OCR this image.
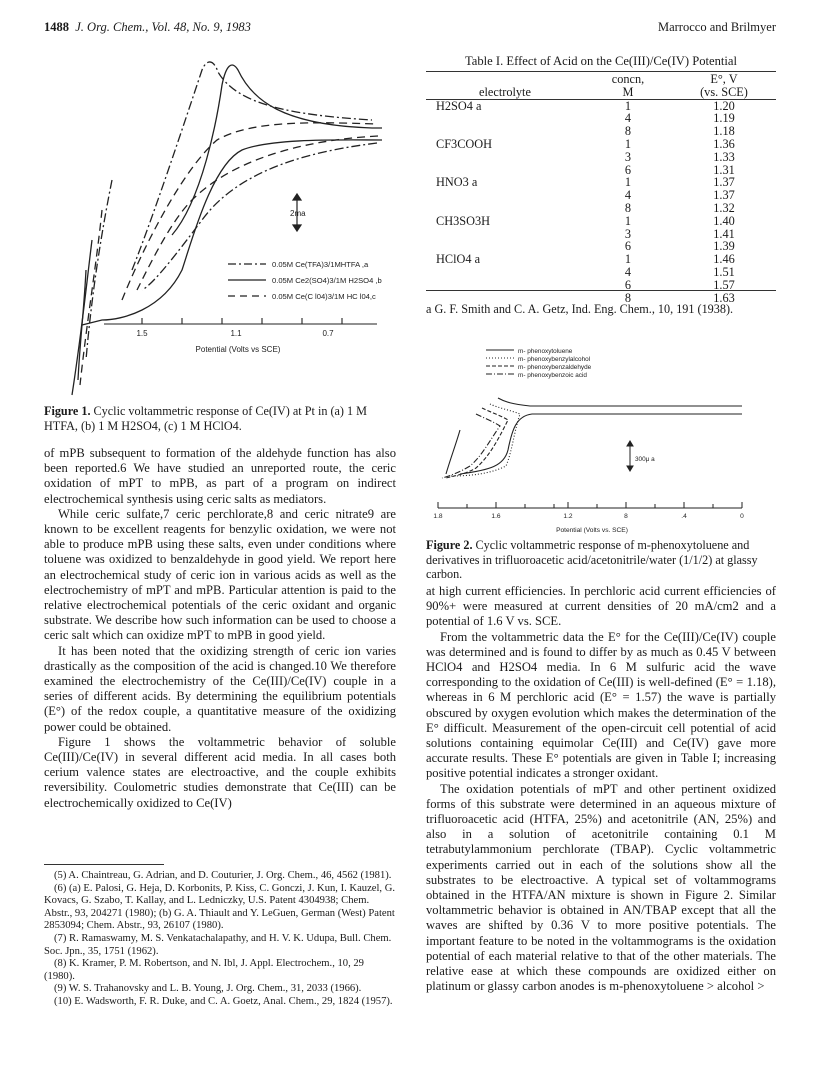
1488 J. Org. Chem., Vol. 48, No. 9, 1983	Marrocco and Brilmyer
2ma
0.05M Ce(TFA)3/1MHTFA ,a
0.05M Ce2(SO4)3/1M H2SO4 ,b
0.05M Ce(C l04)3/1M HC l04,c
1.5	1.1	0.7
Potential (Volts vs SCE)
Figure 1. Cyclic voltammetric response of Ce(IV) at Pt in (a) 1 M HTFA, (b) 1 M H2SO4, (c) 1 M HClO4.

of mPB subsequent to formation of the aldehyde function has also been reported.6 We have studied an unreported route, the ceric oxidation of mPT to mPB, as part of a program on indirect electrochemical synthesis using ceric salts as mediators.

While ceric sulfate,7 ceric perchlorate,8 and ceric nitrate9 are known to be excellent reagents for benzylic oxidation, we were not able to produce mPB using these salts, even under conditions where toluene was oxidized to benzaldehyde in good yield. We report here an electrochemical study of ceric ion in various acids as well as the electrochemistry of mPT and mPB. Particular attention is paid to the relative electrochemical potentials of the ceric oxidant and organic substrate. We describe how such information can be used to choose a ceric salt which can oxidize mPT to mPB in good yield.

It has been noted that the oxidizing strength of ceric ion varies drastically as the composition of the acid is changed.10 We therefore examined the electrochemistry of the Ce(III)/Ce(IV) couple in a series of different acids. By determining the equilibrium potentials (E°) of the redox couple, a quantitative measure of the oxidizing power could be obtained.

Figure 1 shows the voltammetric behavior of soluble Ce(III)/Ce(IV) in several different acid media. In all cases both cerium valence states are electroactive, and the couple exhibits reversibility. Coulometric studies demonstrate that Ce(III) can be electrochemically oxidized to Ce(IV)

(5) A. Chaintreau, G. Adrian, and D. Couturier, J. Org. Chem., 46, 4562 (1981).

(6) (a) E. Palosi, G. Heja, D. Korbonits, P. Kiss, C. Gonczi, J. Kun, I. Kauzel, G. Kovacs, G. Szabo, T. Kallay, and L. Ledniczky, U.S. Patent 4304938; Chem. Abstr., 93, 204271 (1980); (b) G. A. Thiault and Y. LeGuen, German (West) Patent 2853094; Chem. Abstr., 93, 26107 (1980).

(7) R. Ramaswamy, M. S. Venkatachalapathy, and H. V. K. Udupa, Bull. Chem. Soc. Jpn., 35, 1751 (1962).

(8) K. Kramer, P. M. Robertson, and N. Ibl, J. Appl. Electrochem., 10, 29 (1980).

(9) W. S. Trahanovsky and L. B. Young, J. Org. Chem., 31, 2033 (1966).

(10) E. Wadsworth, F. R. Duke, and C. A. Goetz, Anal. Chem., 29, 1824 (1957).

Table I. Effect of Acid on the Ce(III)/Ce(IV) Potential
	concn,	E°, V
electrolyte	M	(vs. SCE)
H2SO4 a	1	1.20
	4	1.19
	8	1.18
CF3COOH	1	1.36
	3	1.33
	6	1.31
HNO3 a	1	1.37
	4	1.37
	8	1.32
CH3SO3H	1	1.40
	3	1.41
	6	1.39
HClO4 a	1	1.46
	4	1.51
	6	1.57
	8	1.63
a G. F. Smith and C. A. Getz, Ind. Eng. Chem., 10, 191 (1938).
m- phenoxytoluene
m- phenoxybenzylalcohol
m- phenoxybenzaldehyde
m- phenoxybenzoic acid
300μ a
1.8	1.6	1.2	8	.4	0
Potential (Volts vs. SCE)
Figure 2. Cyclic voltammetric response of m-phenoxytoluene and derivatives in trifluoroacetic acid/acetonitrile/water (1/1/2) at glassy carbon.

at high current efficiencies. In perchloric acid current efficiencies of 90%+ were measured at current densities of 20 mA/cm2 and a potential of 1.6 V vs. SCE.

From the voltammetric data the E° for the Ce(III)/Ce(IV) couple was determined and is found to differ by as much as 0.45 V between HClO4 and H2SO4 media. In 6 M sulfuric acid the wave corresponding to the oxidation of Ce(III) is well-defined (E° = 1.18), whereas in 6 M perchloric acid (E° = 1.57) the wave is partially obscured by oxygen evolution which makes the determination of the E° difficult. Measurement of the open-circuit cell potential of acid solutions containing equimolar Ce(III) and Ce(IV) gave more accurate results. These E° potentials are given in Table I; increasing positive potential indicates a stronger oxidant.

The oxidation potentials of mPT and other pertinent oxidized forms of this substrate were determined in an aqueous mixture of trifluoroacetic acid (HTFA, 25%) and acetonitrile (AN, 25%) and also in a solution of acetonitrile containing 0.1 M tetrabutylammonium perchlorate (TBAP). Cyclic voltammetric experiments carried out in each of the solutions show all the substrates to be electroactive. A typical set of voltammograms obtained in the HTFA/AN mixture is shown in Figure 2. Similar voltammetric behavior is obtained in AN/TBAP except that all the waves are shifted by 0.36 V to more positive potentials. The important feature to be noted in the voltammograms is the oxidation potential of each material relative to that of the other materials. The relative ease at which these compounds are oxidized either on platinum or glassy carbon anodes is m-phenoxytoluene > alcohol >
